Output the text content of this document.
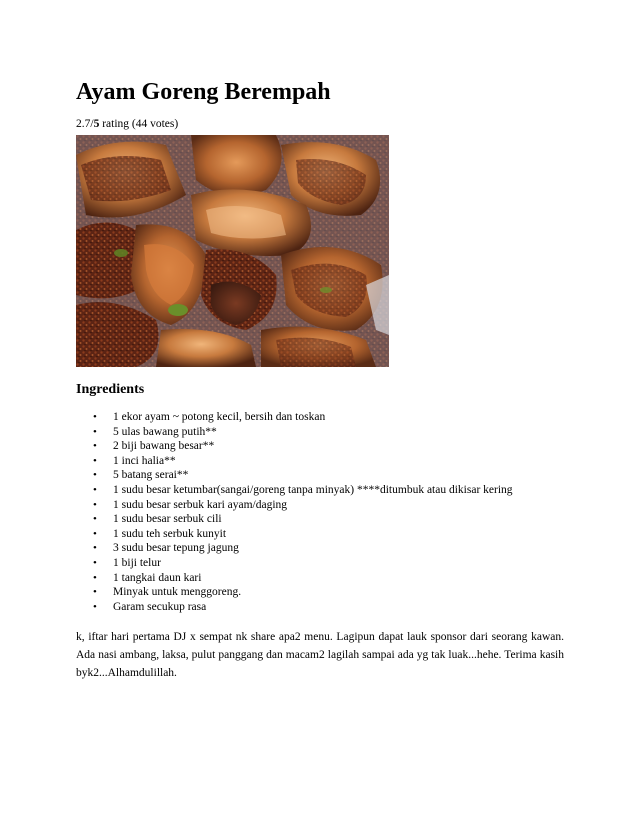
Ayam Goreng Berempah
2.7/5 rating (44 votes)
Ingredients
• 1 ekor ayam ~ potong kecil, bersih dan toskan
• 5 ulas bawang putih**
• 2 biji bawang besar**
• 1 inci halia**
• 5 batang serai**
• 1 sudu besar ketumbar(sangai/goreng tanpa minyak) ****ditumbuk atau dikisar kering
• 1 sudu besar serbuk kari ayam/daging
• 1 sudu besar serbuk cili
• 1 sudu teh serbuk kunyit
• 3 sudu besar tepung jagung
• 1 biji telur
• 1 tangkai daun kari
• Minyak untuk menggoreng.
• Garam secukup rasa

k, iftar hari pertama DJ x sempat nk share apa2 menu. Lagipun dapat lauk sponsor dari seorang kawan. Ada nasi ambang, laksa, pulut panggang dan macam2 lagilah sampai ada yg tak luak...hehe. Terima kasih byk2...Alhamdulillah.
